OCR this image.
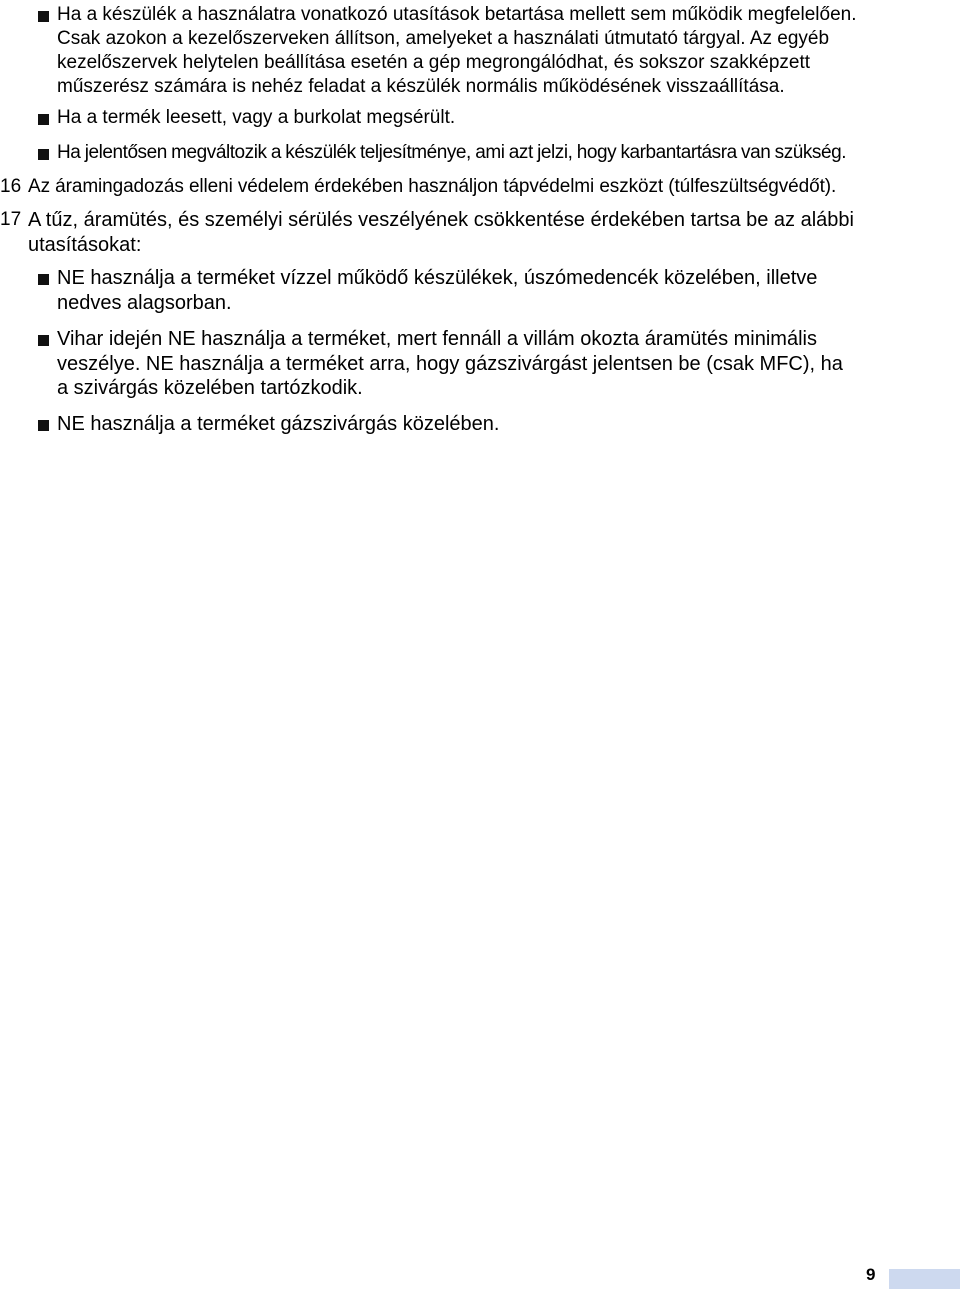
Ha a készülék a használatra vonatkozó utasítások betartása mellett sem működik megfelelően.
Csak azokon a kezelőszerveken állítson, amelyeket a használati útmutató tárgyal. Az egyéb
kezelőszervek helytelen beállítása esetén a gép megrongálódhat, és sokszor szakképzett
műszerész számára is nehéz feladat a készülék normális működésének visszaállítása.
Ha a termék leesett, vagy a burkolat megsérült.
Ha jelentősen megváltozik a készülék teljesítménye, ami azt jelzi, hogy karbantartásra van szükség.
16 Az áramingadozás elleni védelem érdekében használjon tápvédelmi eszközt (túlfeszültségvédőt).
17 A tűz, áramütés, és személyi sérülés veszélyének csökkentése érdekében tartsa be az alábbi
utasításokat:
NE használja a terméket vízzel működő készülékek, úszómedencék közelében, illetve
nedves alagsorban.
Vihar idején NE használja a terméket, mert fennáll a villám okozta áramütés minimális
veszélye. NE használja a terméket arra, hogy gázszivárgást jelentsen be (csak MFC), ha
a szivárgás közelében tartózkodik.
NE használja a terméket gázszivárgás közelében.
9
